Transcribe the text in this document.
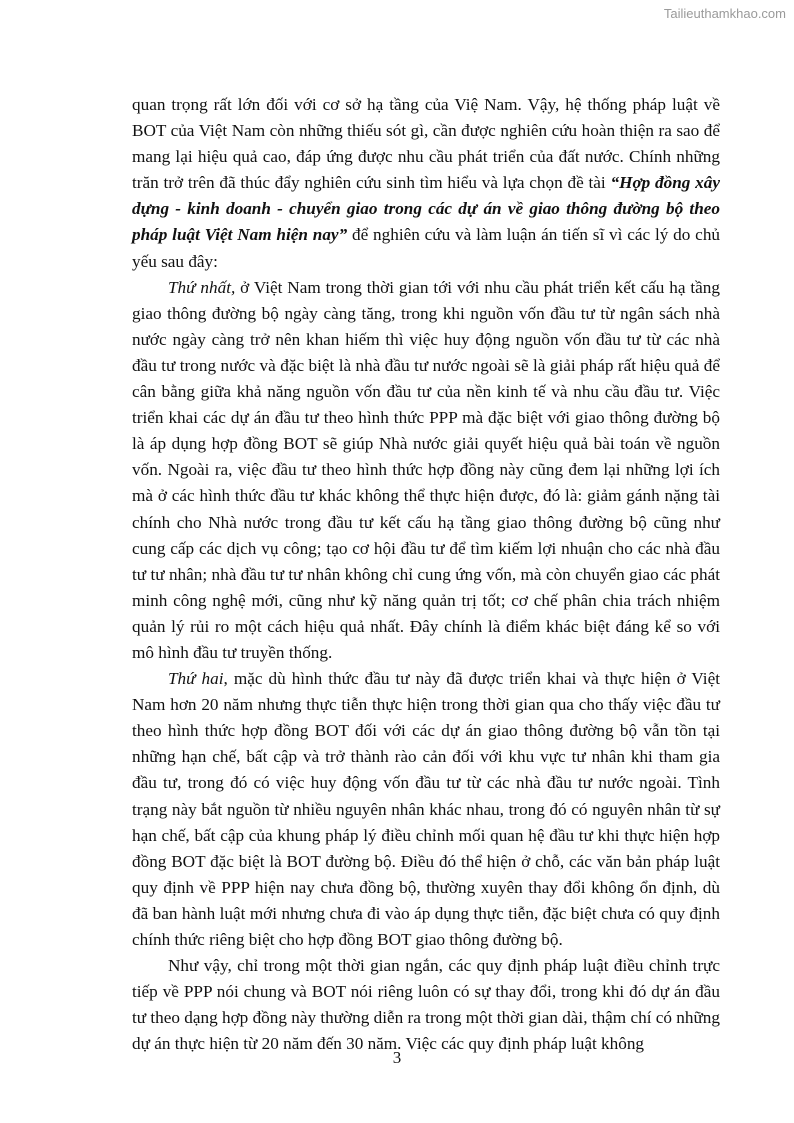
Tailieuthamkhao.com

quan trọng rất lớn đối với cơ sở hạ tầng của Việ Nam. Vậy, hệ thống pháp luật về BOT của Việt Nam còn những thiếu sót gì, cần được nghiên cứu hoàn thiện ra sao để mang lại hiệu quả cao, đáp ứng được nhu cầu phát triển của đất nước. Chính những trăn trở trên đã thúc đẩy nghiên cứu sinh tìm hiểu và lựa chọn đề tài “Hợp đồng xây dựng - kinh doanh - chuyển giao trong các dự án về giao thông đường bộ theo pháp luật Việt Nam hiện nay” để nghiên cứu và làm luận án tiến sĩ vì các lý do chủ yếu sau đây:

Thứ nhất, ở Việt Nam trong thời gian tới với nhu cầu phát triển kết cấu hạ tầng giao thông đường bộ ngày càng tăng, trong khi nguồn vốn đầu tư từ ngân sách nhà nước ngày càng trở nên khan hiếm thì việc huy động nguồn vốn đầu tư từ các nhà đầu tư trong nước và đặc biệt là nhà đầu tư nước ngoài sẽ là giải pháp rất hiệu quả để cân bằng giữa khả năng nguồn vốn đầu tư của nền kinh tế và nhu cầu đầu tư. Việc triển khai các dự án đầu tư theo hình thức PPP mà đặc biệt với giao thông đường bộ là áp dụng hợp đồng BOT sẽ giúp Nhà nước giải quyết hiệu quả bài toán về nguồn vốn. Ngoài ra, việc đầu tư theo hình thức hợp đồng này cũng đem lại những lợi ích mà ở các hình thức đầu tư khác không thể thực hiện được, đó là: giảm gánh nặng tài chính cho Nhà nước trong đầu tư kết cấu hạ tầng giao thông đường bộ cũng như cung cấp các dịch vụ công; tạo cơ hội đầu tư để tìm kiếm lợi nhuận cho các nhà đầu tư tư nhân; nhà đầu tư tư nhân không chỉ cung ứng vốn, mà còn chuyển giao các phát minh công nghệ mới, cũng như kỹ năng quản trị tốt; cơ chế phân chia trách nhiệm quản lý rủi ro một cách hiệu quả nhất. Đây chính là điểm khác biệt đáng kể so với mô hình đầu tư truyền thống.

Thứ hai, mặc dù hình thức đầu tư này đã được triển khai và thực hiện ở Việt Nam hơn 20 năm nhưng thực tiễn thực hiện trong thời gian qua cho thấy việc đầu tư theo hình thức hợp đồng BOT đối với các dự án giao thông đường bộ vẫn tồn tại những hạn chế, bất cập và trở thành rào cản đối với khu vực tư nhân khi tham gia đầu tư, trong đó có việc huy động vốn đầu tư từ các nhà đầu tư nước ngoài. Tình trạng này bắt nguồn từ nhiều nguyên nhân khác nhau, trong đó có nguyên nhân từ sự hạn chế, bất cập của khung pháp lý điều chỉnh mối quan hệ đầu tư khi thực hiện hợp đồng BOT đặc biệt là BOT đường bộ. Điều đó thể hiện ở chỗ, các văn bản pháp luật quy định về PPP hiện nay chưa đồng bộ, thường xuyên thay đổi không ổn định, dù đã ban hành luật mới nhưng chưa đi vào áp dụng thực tiễn, đặc biệt chưa có quy định chính thức riêng biệt cho hợp đồng BOT giao thông đường bộ.

Như vậy, chỉ trong một thời gian ngắn, các quy định pháp luật điều chỉnh trực tiếp về PPP nói chung và BOT nói riêng luôn có sự thay đổi, trong khi đó dự án đầu tư theo dạng hợp đồng này thường diễn ra trong một thời gian dài, thậm chí có những dự án thực hiện từ 20 năm đến 30 năm. Việc các quy định pháp luật không

3
